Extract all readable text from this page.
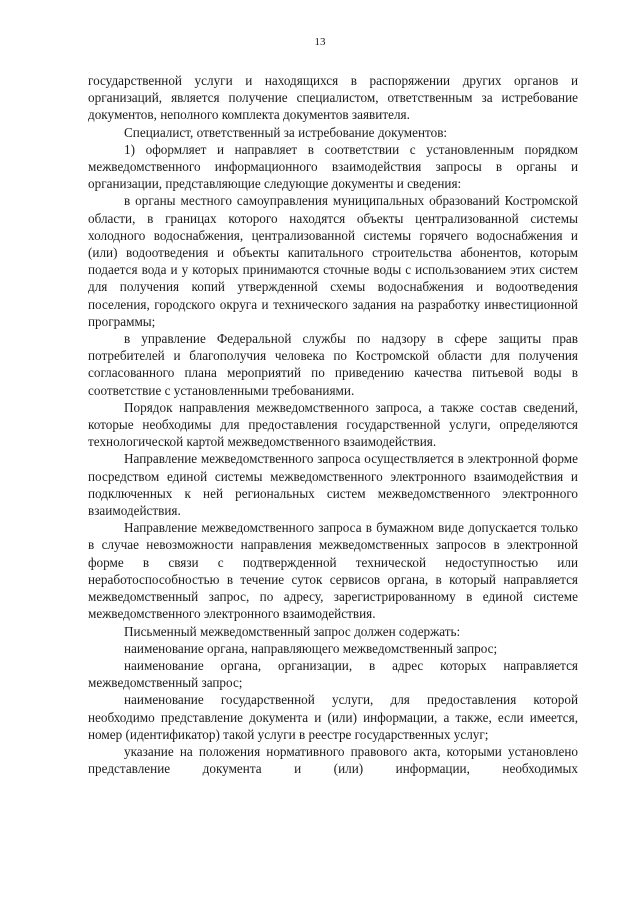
13

государственной услуги и находящихся в распоряжении других органов и организаций, является получение специалистом, ответственным за истребование документов, неполного комплекта документов заявителя.

Специалист, ответственный за истребование документов:

1) оформляет и направляет в соответствии с установленным порядком межведомственного информационного взаимодействия запросы в органы и организации, представляющие следующие документы и сведения:

в органы местного самоуправления муниципальных образований Костромской области, в границах которого находятся объекты централизованной системы холодного водоснабжения, централизованной системы горячего водоснабжения и (или) водоотведения и объекты капитального строительства абонентов, которым подается вода и у которых принимаются сточные воды с использованием этих систем для получения копий утвержденной схемы водоснабжения и водоотведения поселения, городского округа и технического задания на разработку инвестиционной программы;

в управление Федеральной службы по надзору в сфере защиты прав потребителей и благополучия человека по Костромской области для получения согласованного плана мероприятий по приведению качества питьевой воды в соответствие с установленными требованиями.

Порядок направления межведомственного запроса, а также состав сведений, которые необходимы для предоставления государственной услуги, определяются технологической картой межведомственного взаимодействия.

Направление межведомственного запроса осуществляется в электронной форме посредством единой системы межведомственного электронного взаимодействия и подключенных к ней региональных систем межведомственного электронного взаимодействия.

Направление межведомственного запроса в бумажном виде допускается только в случае невозможности направления межведомственных запросов в электронной форме в связи с подтвержденной технической недоступностью или неработоспособностью в течение суток сервисов органа, в который направляется межведомственный запрос, по адресу, зарегистрированному в единой системе межведомственного электронного взаимодействия.

Письменный межведомственный запрос должен содержать:

наименование органа, направляющего межведомственный запрос;

наименование органа, организации, в адрес которых направляется межведомственный запрос;

наименование государственной услуги, для предоставления которой необходимо представление документа и (или) информации, а также, если имеется, номер (идентификатор) такой услуги в реестре государственных услуг;

указание на положения нормативного правового акта, которыми установлено представление документа и (или) информации, необходимых
